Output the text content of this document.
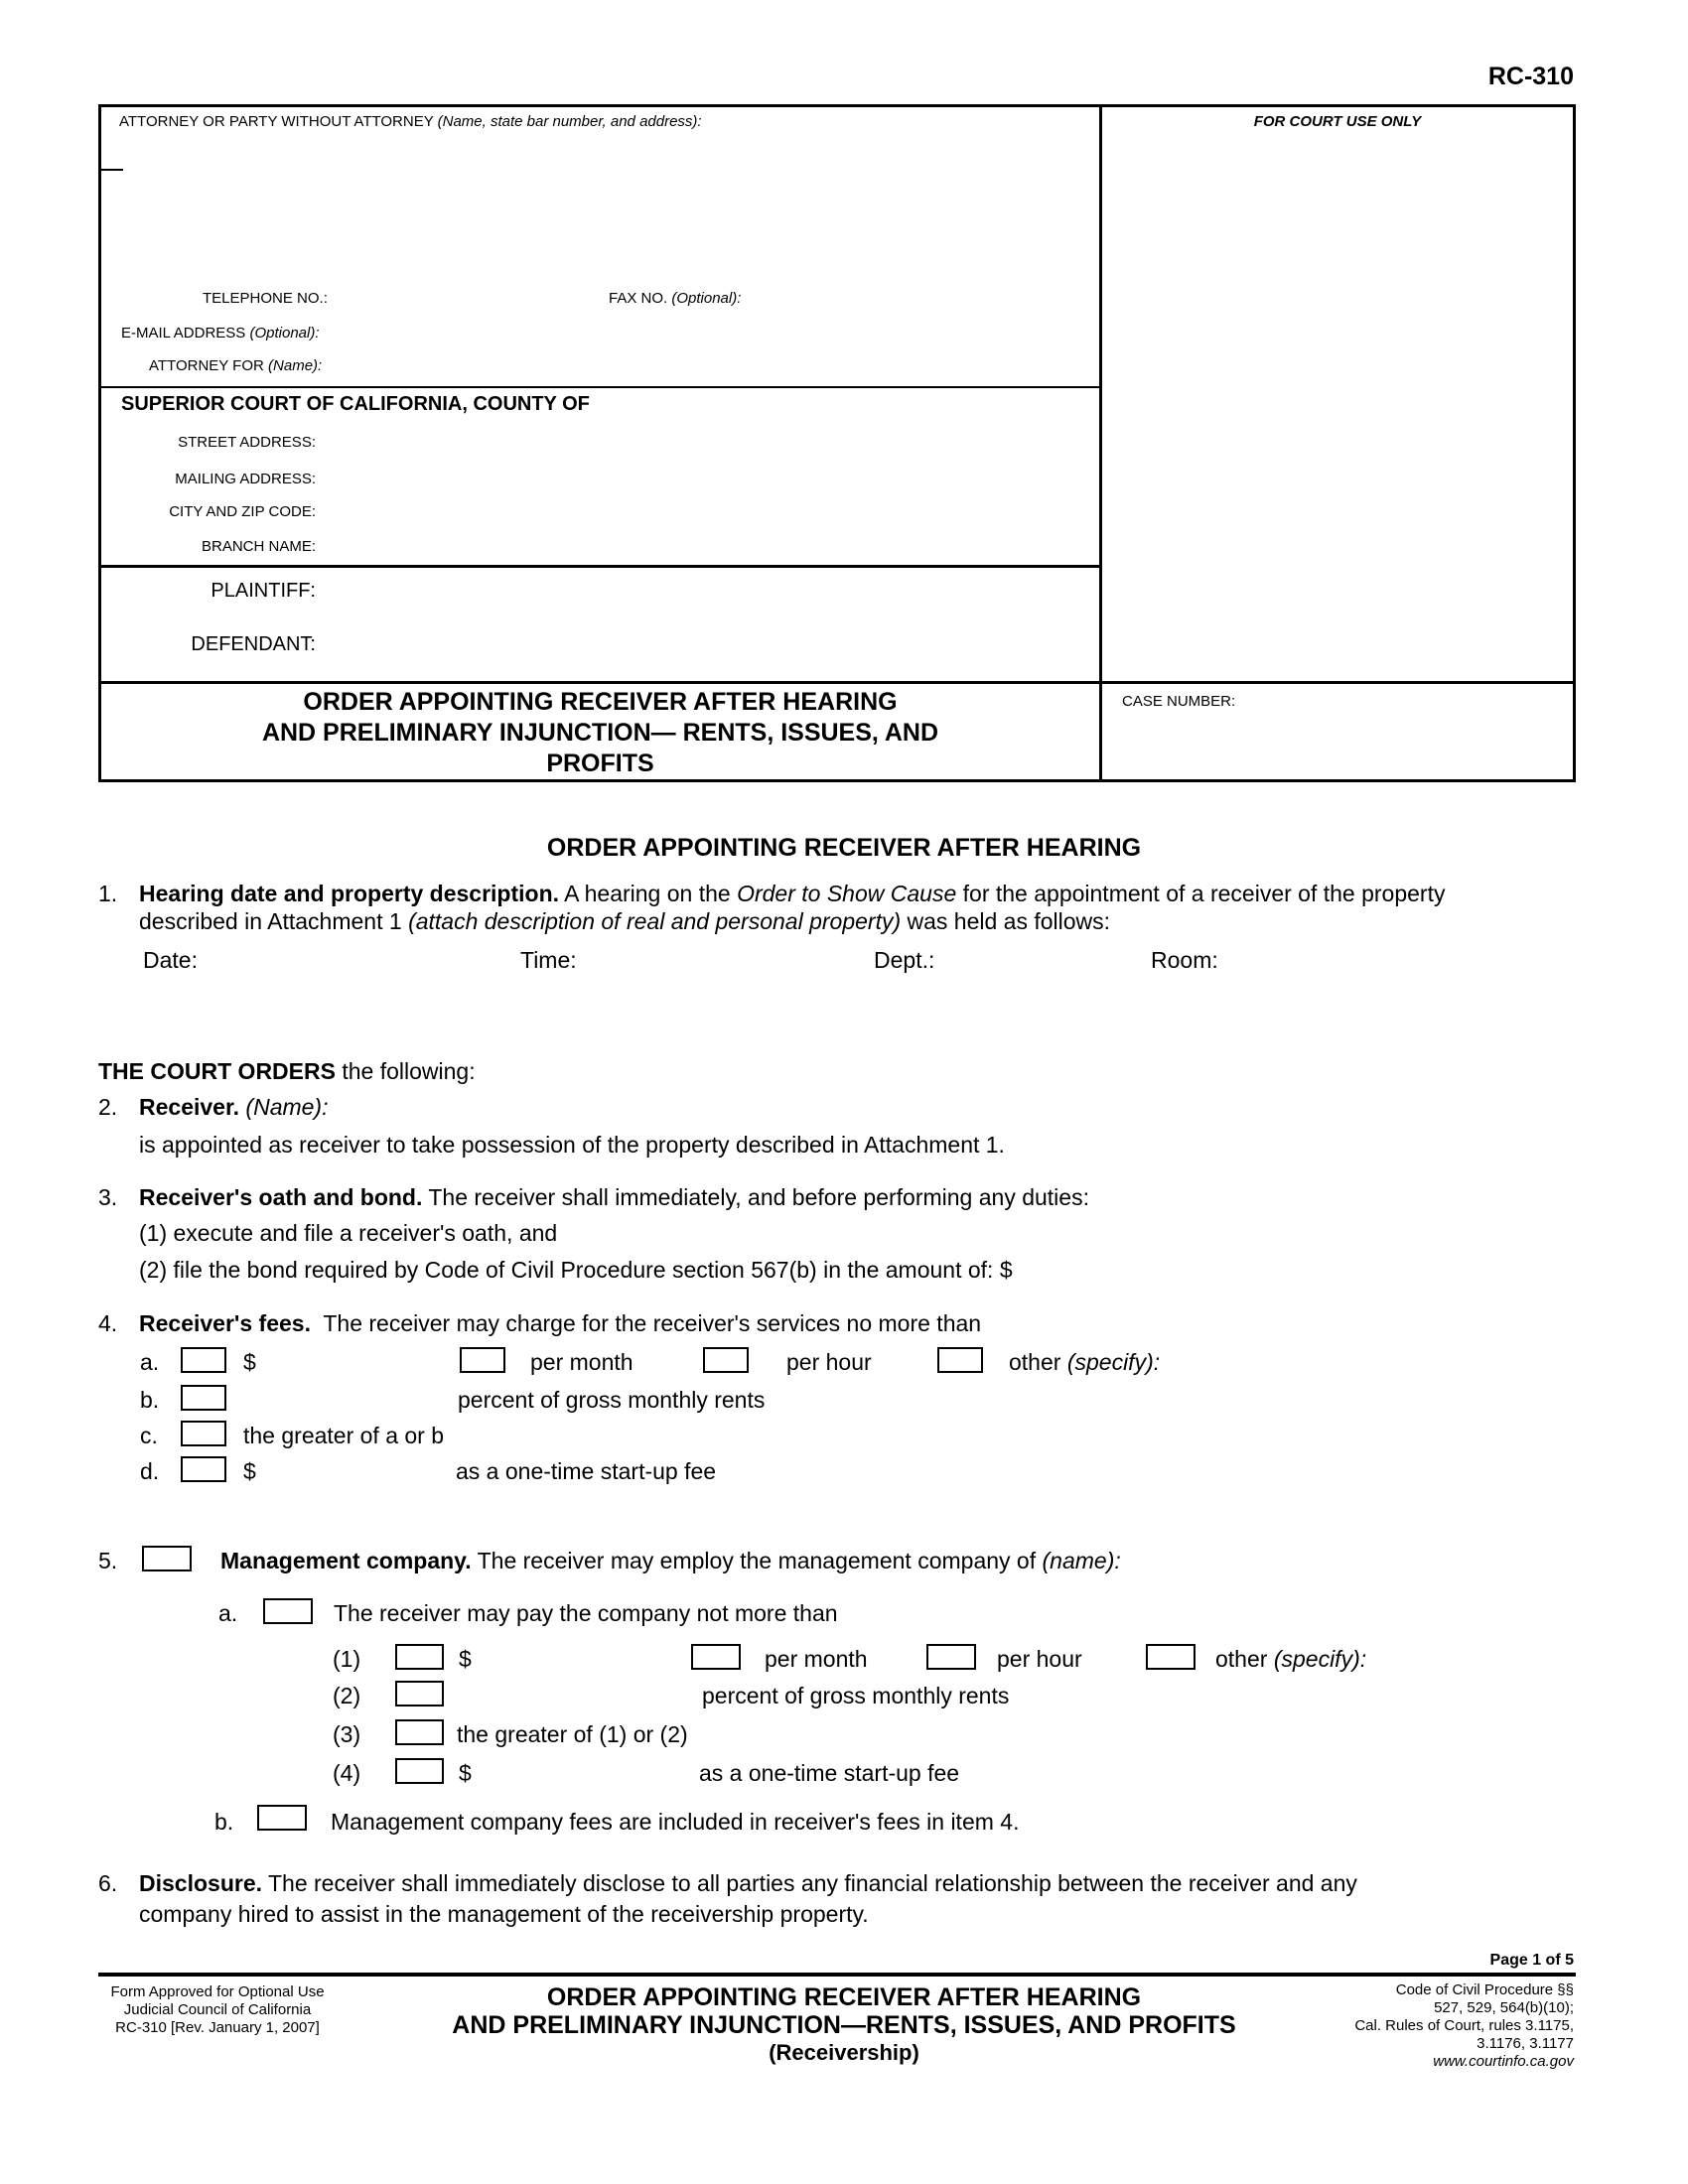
RC-310
ATTORNEY OR PARTY WITHOUT ATTORNEY (Name, state bar number, and address):	FOR COURT USE ONLY
TELEPHONE NO.:	FAX NO. (Optional):
E-MAIL ADDRESS (Optional):
ATTORNEY FOR (Name):
SUPERIOR COURT OF CALIFORNIA, COUNTY OF
STREET ADDRESS:
MAILING ADDRESS:
CITY AND ZIP CODE:
BRANCH NAME:
PLAINTIFF:
DEFENDANT:
ORDER APPOINTING RECEIVER AFTER HEARING
AND PRELIMINARY INJUNCTION— RENTS, ISSUES, AND
PROFITS
CASE NUMBER:
ORDER APPOINTING RECEIVER AFTER HEARING
1. Hearing date and property description. A hearing on the Order to Show Cause for the appointment of a receiver of the property
described in Attachment 1 (attach description of real and personal property) was held as follows:
Date:	Time:	Dept.:	Room:
THE COURT ORDERS the following:
2. Receiver. (Name):
is appointed as receiver to take possession of the property described in Attachment 1.
3. Receiver's oath and bond. The receiver shall immediately, and before performing any duties:
(1) execute and file a receiver's oath, and
(2) file the bond required by Code of Civil Procedure section 567(b) in the amount of: $
4. Receiver's fees.  The receiver may charge for the receiver's services no more than
a.	$	per month	per hour	other (specify):
b.	percent of gross monthly rents
c.	the greater of a or b
d.	$	as a one-time start-up fee
5.	Management company. The receiver may employ the management company of (name):
a.	The receiver may pay the company not more than
(1)	$	per month	per hour	other (specify):
(2)	percent of gross monthly rents
(3)	the greater of (1) or (2)
(4)	$	as a one-time start-up fee
b.	Management company fees are included in receiver's fees in item 4.
6. Disclosure. The receiver shall immediately disclose to all parties any financial relationship between the receiver and any
company hired to assist in the management of the receivership property.
Page 1 of 5
Form Approved for Optional Use
Judicial Council of California
RC-310 [Rev. January 1, 2007]
ORDER APPOINTING RECEIVER AFTER HEARING
AND PRELIMINARY INJUNCTION—RENTS, ISSUES, AND PROFITS
(Receivership)
Code of Civil Procedure §§
527, 529, 564(b)(10);
Cal. Rules of Court, rules 3.1175,
3.1176, 3.1177
www.courtinfo.ca.gov
